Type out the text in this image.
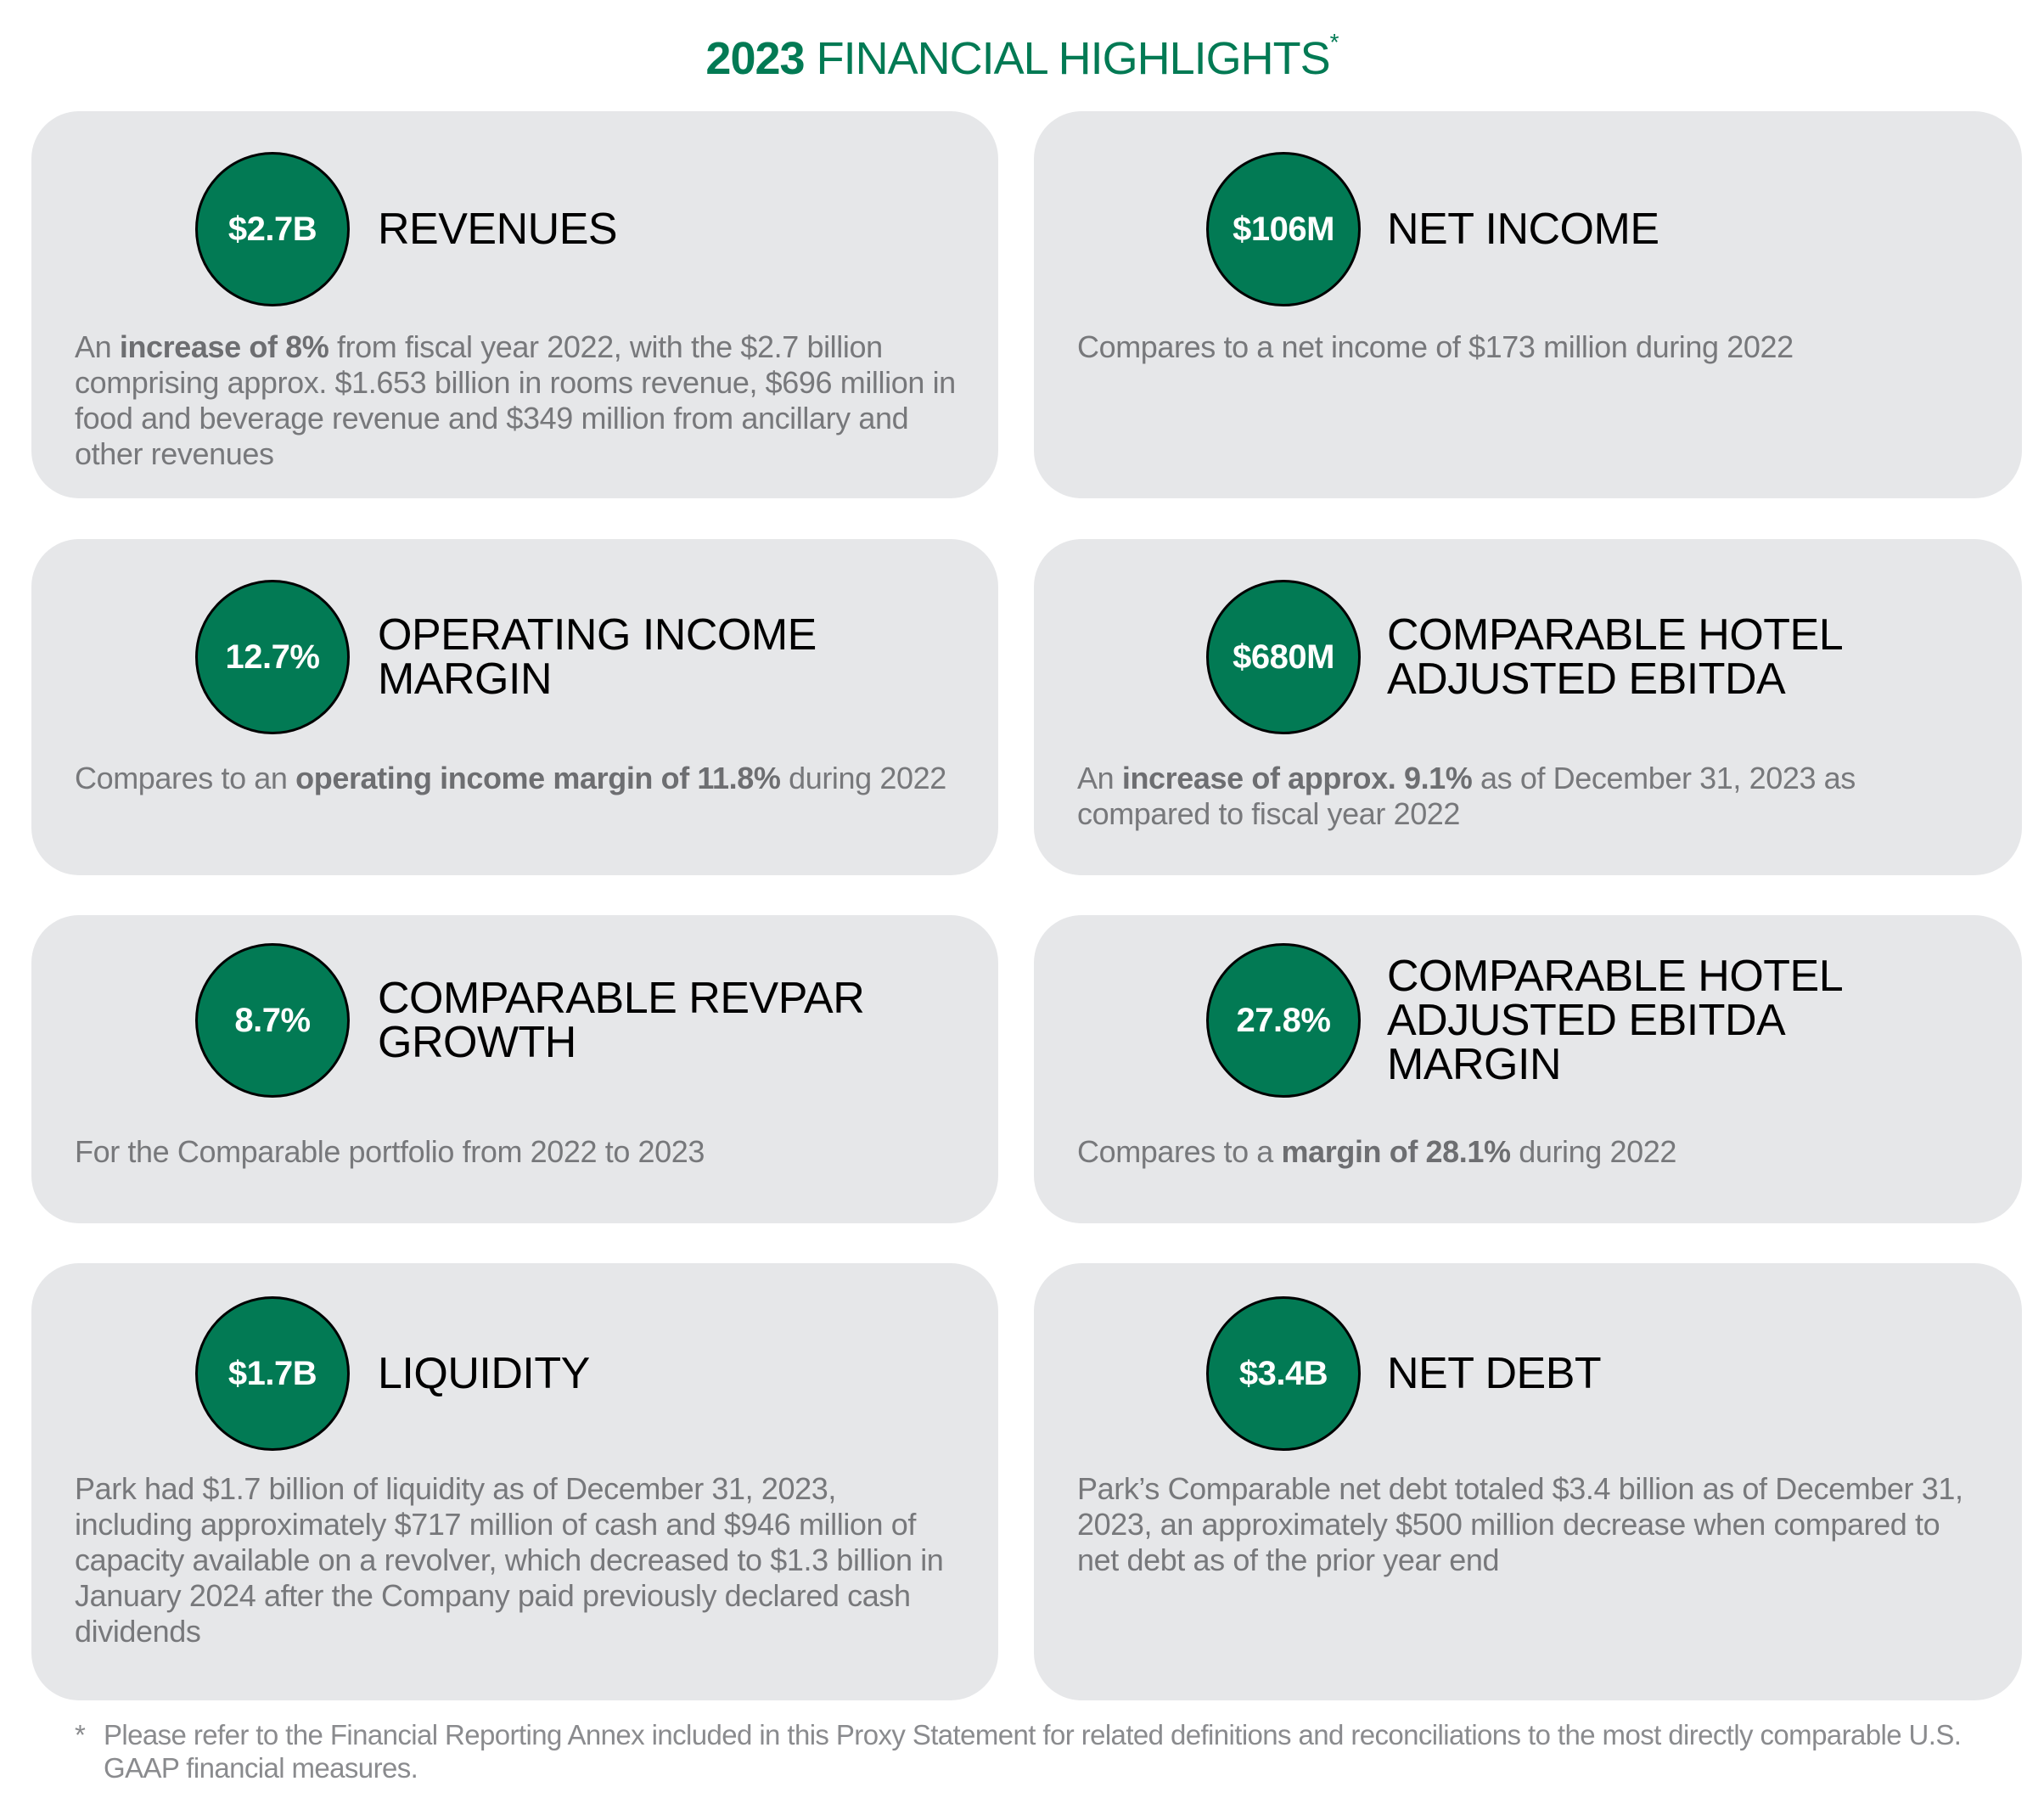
2023 FINANCIAL HIGHLIGHTS*
$2.7B	REVENUES
An increase of 8% from fiscal year 2022, with the $2.7 billion comprising approx. $1.653 billion in rooms revenue, $696 million in food and beverage revenue and $349 million from ancillary and other revenues
$106M	NET INCOME
Compares to a net income of $173 million during 2022
12.7%	OPERATING INCOME MARGIN
Compares to an operating income margin of 11.8% during 2022
$680M	COMPARABLE HOTEL ADJUSTED EBITDA
An increase of approx. 9.1% as of December 31, 2023 as compared to fiscal year 2022
8.7%	COMPARABLE REVPAR GROWTH
For the Comparable portfolio from 2022 to 2023
27.8%
COMPARABLE HOTEL ADJUSTED EBITDA MARGIN
Compares to a margin of 28.1% during 2022
$1.7B	LIQUIDITY
Park had $1.7 billion of liquidity as of December 31, 2023, including approximately $717 million of cash and $946 million of capacity available on a revolver, which decreased to $1.3 billion in January 2024 after the Company paid previously declared cash dividends
$3.4B	NET DEBT
Park’s Comparable net debt totaled $3.4 billion as of December 31, 2023, an approximately $500 million decrease when compared to net debt as of the prior year end
* Please refer to the Financial Reporting Annex included in this Proxy Statement for related definitions and reconciliations to the most directly comparable U.S. GAAP financial measures.
